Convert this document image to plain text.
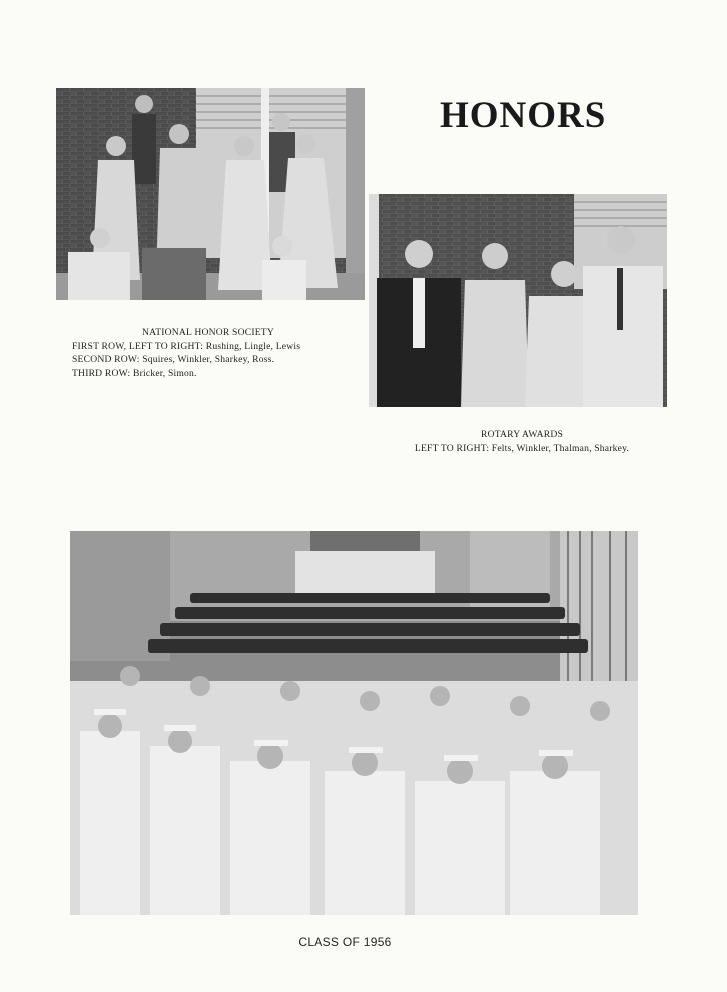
HONORS
NATIONAL HONOR SOCIETY
FIRST ROW, LEFT TO RIGHT: Rushing, Lingle, Lewis
SECOND ROW: Squires, Winkler, Sharkey, Ross.
THIRD ROW: Bricker, Simon.
ROTARY AWARDS
LEFT TO RIGHT: Felts, Winkler, Thalman, Sharkey.
CLASS OF 1956
